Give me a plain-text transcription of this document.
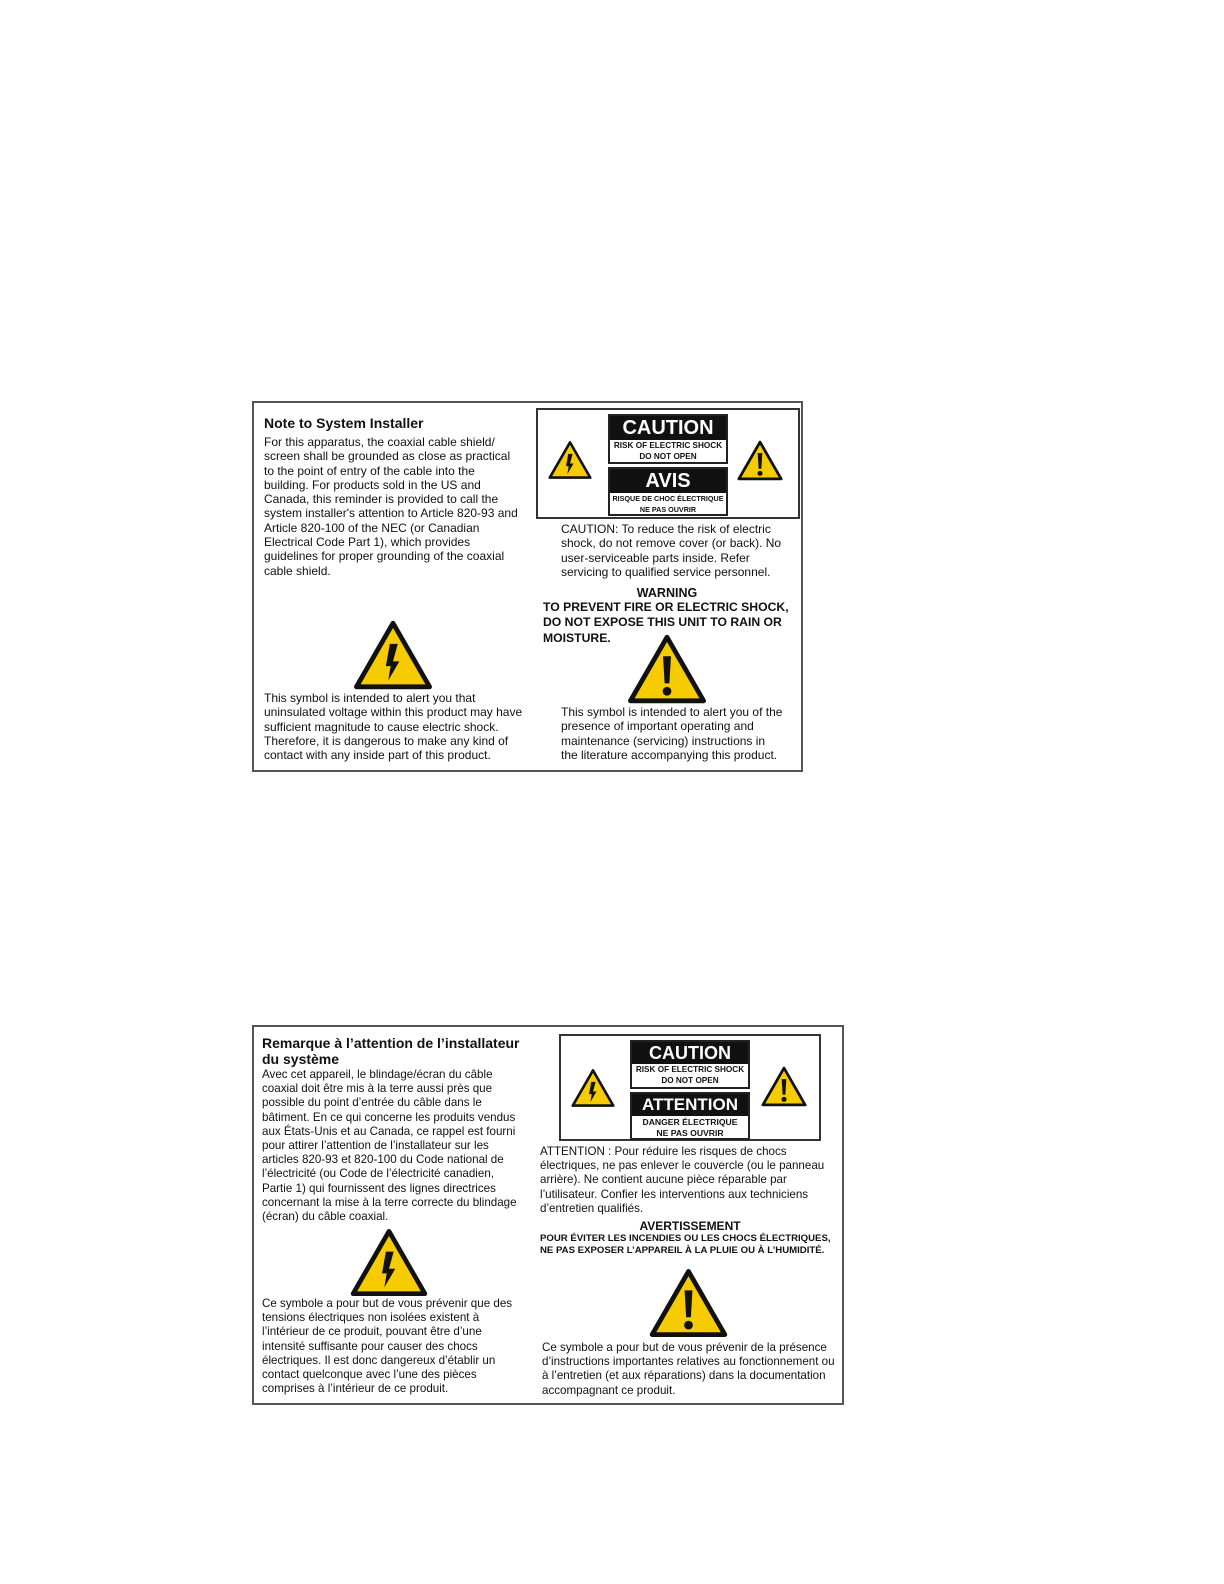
Note to System Installer
For this apparatus, the coaxial cable shield/ screen shall be grounded as close as practical to the point of entry of the cable into the building. For products sold in the US and Canada, this reminder is provided to call the system installer's attention to Article 820-93 and Article 820-100 of the NEC (or Canadian Electrical Code Part 1), which provides guidelines for proper grounding of the coaxial cable shield.
CAUTION
RISK OF ELECTRIC SHOCK
DO NOT OPEN
AVIS
RISQUE DE CHOC ÉLECTRIQUE
NE PAS OUVRIR
CAUTION: To reduce the risk of electric shock, do not remove cover (or back). No user-serviceable parts inside. Refer servicing to qualified service personnel.
WARNING
TO PREVENT FIRE OR ELECTRIC SHOCK, DO NOT EXPOSE THIS UNIT TO RAIN OR MOISTURE.
This symbol is intended to alert you that uninsulated voltage within this product may have sufficient magnitude to cause electric shock. Therefore, it is dangerous to make any kind of contact with any inside part of this product.
This symbol is intended to alert you of the presence of important operating and maintenance (servicing) instructions in the literature accompanying this product.
Remarque à l’attention de l’installateur du système
Avec cet appareil, le blindage/écran du câble coaxial doit être mis à la terre aussi près que possible du point d’entrée du câble dans le bâtiment. En ce qui concerne les produits vendus aux États-Unis et au Canada, ce rappel est fourni pour attirer l’attention de l’installateur sur les articles 820-93 et 820-100 du Code national de l’électricité (ou Code de l’électricité canadien, Partie 1) qui fournissent des lignes directrices concernant la mise à la terre correcte du blindage (écran) du câble coaxial.
CAUTION
RISK OF ELECTRIC SHOCK
DO NOT OPEN
ATTENTION
DANGER ÉLECTRIQUE
NE PAS OUVRIR
ATTENTION : Pour réduire les risques de chocs électriques, ne pas enlever le couvercle (ou le panneau arrière). Ne contient aucune pièce réparable par l’utilisateur. Confier les interventions aux techniciens d’entretien qualifiés.
AVERTISSEMENT
POUR ÉVITER LES INCENDIES OU LES CHOCS ÉLECTRIQUES, NE PAS EXPOSER L’APPAREIL À LA PLUIE OU À L’HUMIDITÉ.
Ce symbole a pour but de vous prévenir que des tensions électriques non isolées existent à l’intérieur de ce produit, pouvant être d’une intensité suffisante pour causer des chocs électriques. Il est donc dangereux d’établir un contact quelconque avec l’une des pièces comprises à l’intérieur de ce produit.
Ce symbole a pour but de vous prévenir de la présence d’instructions importantes relatives au fonctionnement ou à l’entretien (et aux réparations) dans la documentation accompagnant ce produit.
